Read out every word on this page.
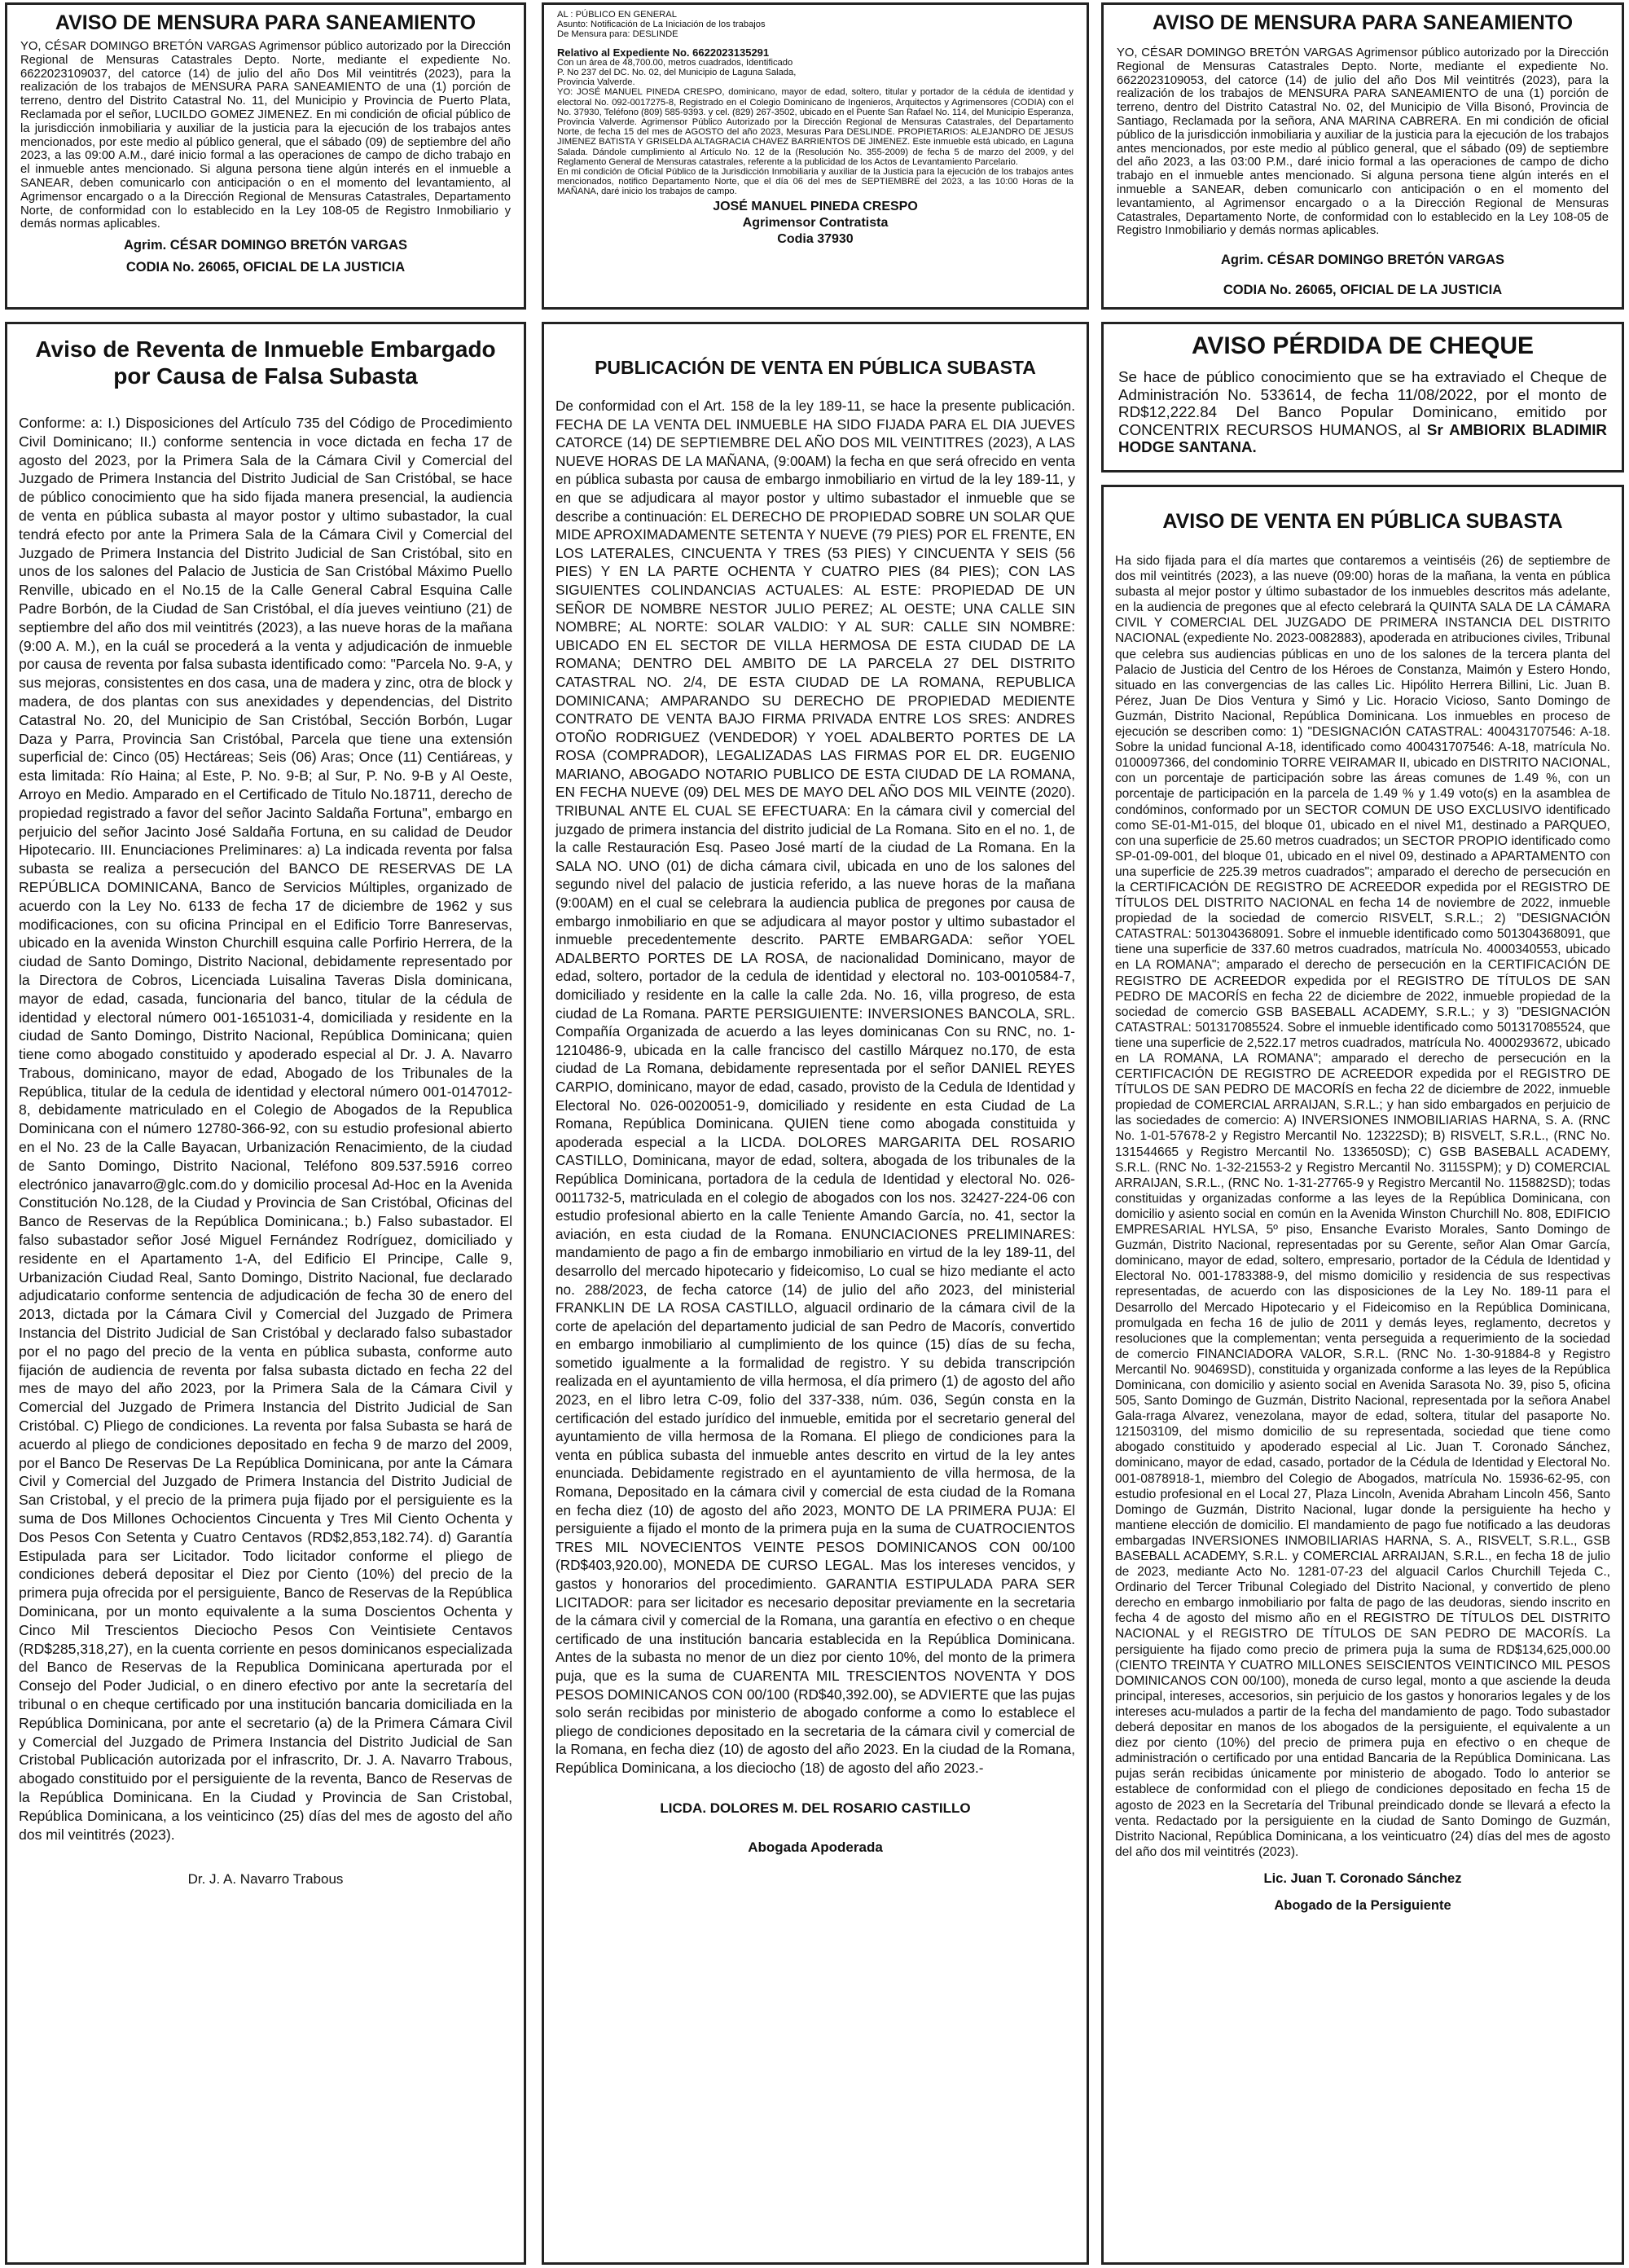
AVISO DE MENSURA PARA SANEAMIENTO

YO, CÉSAR DOMINGO BRETÓN VARGAS Agrimensor público autorizado por la Dirección Regional de Mensuras Catastrales Depto. Norte, mediante el expediente No. 6622023109037, del catorce (14) de julio del año Dos Mil veintitrés (2023), para la realización de los trabajos de MENSURA PARA SANEAMIENTO de una (1) porción de terreno, dentro del Distrito Catastral No. 11, del Municipio y Provincia de Puerto Plata, Reclamada por el señor, LUCILDO GOMEZ JIMENEZ. En mi condición de oficial público de la jurisdicción inmobiliaria y auxiliar de la justicia para la ejecución de los trabajos antes mencionados, por este medio al público general, que el sábado (09) de septiembre del año 2023, a las 09:00 A.M., daré inicio formal a las operaciones de campo de dicho trabajo en el inmueble antes mencionado. Si alguna persona tiene algún interés en el inmueble a SANEAR, deben comunicarlo con anticipación o en el momento del levantamiento, al Agrimensor encargado o a la Dirección Regional de Mensuras Catastrales, Departamento Norte, de conformidad con lo establecido en la Ley 108-05 de Registro Inmobiliario y demás normas aplicables.

Agrim. CÉSAR DOMINGO BRETÓN VARGAS

CODIA No. 26065, OFICIAL DE LA JUSTICIA

AL : PÚBLICO EN GENERAL

Asunto: Notificación de La Iniciación de los trabajos

De Mensura para: DESLINDE

Relativo al Expediente No. 6622023135291

Con un área de 48,700.00, metros cuadrados, Identificado

P. No 237 del DC. No. 02, del Municipio de Laguna Salada,

Provincia Valverde.

YO: JOSÉ MANUEL PINEDA CRESPO, dominicano, mayor de edad, soltero, titular y portador de la cédula de identidad y electoral No. 092-0017275-8, Registrado en el Colegio Dominicano de Ingenieros, Arquitectos y Agrimensores (CODIA) con el No. 37930, Teléfono (809) 585-9393. y cel. (829) 267-3502, ubicado en el Puente San Rafael No. 114, del Municipio Esperanza, Provincia Valverde. Agrimensor Público Autorizado por la Dirección Regional de Mensuras Catastrales, del Departamento Norte, de fecha 15 del mes de AGOSTO del año 2023, Mesuras Para DESLINDE. PROPIETARIOS: ALEJANDRO DE JESUS JIMENEZ BATISTA Y GRISELDA ALTAGRACIA CHAVEZ BARRIENTOS DE JIMENEZ. Este inmueble está ubicado, en Laguna Salada. Dándole cumplimiento al Artículo No. 12 de la (Resolución No. 355-2009) de fecha 5 de marzo del 2009, y del Reglamento General de Mensuras catastrales, referente a la publicidad de los Actos de Levantamiento Parcelario.

En mi condición de Oficial Público de la Jurisdicción Inmobiliaria y auxiliar de la Justicia para la ejecución de los trabajos antes mencionados, notifico Departamento Norte, que el día 06 del mes de SEPTIEMBRE del 2023, a las 10:00 Horas de la MAÑANA, daré inicio los trabajos de campo.

JOSÉ MANUEL PINEDA CRESPO

Agrimensor Contratista

Codia 37930

AVISO DE MENSURA PARA SANEAMIENTO

YO, CÉSAR DOMINGO BRETÓN VARGAS Agrimensor público autorizado por la Dirección Regional de Mensuras Catastrales Depto. Norte, mediante el expediente No. 6622023109053, del catorce (14) de julio del año Dos Mil veintitrés (2023), para la realización de los trabajos de MENSURA PARA SANEAMIENTO de una (1) porción de terreno, dentro del Distrito Catastral No. 02, del Municipio de Villa Bisonó, Provincia de Santiago, Reclamada por la señora, ANA MARINA CABRERA. En mi condición de oficial público de la jurisdicción inmobiliaria y auxiliar de la justicia para la ejecución de los trabajos antes mencionados, por este medio al público general, que el sábado (09) de septiembre del año 2023, a las 03:00 P.M., daré inicio formal a las operaciones de campo de dicho trabajo en el inmueble antes mencionado. Si alguna persona tiene algún interés en el inmueble a SANEAR, deben comunicarlo con anticipación o en el momento del levantamiento, al Agrimensor encargado o a la Dirección Regional de Mensuras Catastrales, Departamento Norte, de conformidad con lo establecido en la Ley 108-05 de Registro Inmobiliario y demás normas aplicables.

Agrim. CÉSAR DOMINGO BRETÓN VARGAS

CODIA No. 26065, OFICIAL DE LA JUSTICIA

Aviso de Reventa de Inmueble Embargado por Causa de Falsa Subasta

Conforme: a: I.) Disposiciones del Artículo 735 del Código de Procedimiento Civil Dominicano; II.) conforme sentencia in voce dictada en fecha 17 de agosto del 2023, por la Primera Sala de la Cámara Civil y Comercial del Juzgado de Primera Instancia del Distrito Judicial de San Cristóbal, se hace de público conocimiento que ha sido fijada manera presencial, la audiencia de venta en pública subasta al mayor postor y ultimo subastador, la cual tendrá efecto por ante la Primera Sala de la Cámara Civil y Comercial del Juzgado de Primera Instancia del Distrito Judicial de San Cristóbal, sito en unos de los salones del Palacio de Justicia de San Cristóbal Máximo Puello Renville, ubicado en el No.15 de la Calle General Cabral Esquina Calle Padre Borbón, de la Ciudad de San Cristóbal, el día jueves veintiuno (21) de septiembre del año dos mil veintitrés (2023), a las nueve horas de la mañana (9:00 A. M.), en la cuál se procederá a la venta y adjudicación de inmueble por causa de reventa por falsa subasta identificado como: "Parcela No. 9-A, y sus mejoras, consistentes en dos casa, una de madera y zinc, otra de block y madera, de dos plantas con sus anexidades y dependencias, del Distrito Catastral No. 20, del Municipio de San Cristóbal, Sección Borbón, Lugar Daza y Parra, Provincia San Cristóbal, Parcela que tiene una extensión superficial de: Cinco (05) Hectáreas; Seis (06) Aras; Once (11) Centiáreas, y esta limitada: Río Haina; al Este, P. No. 9-B; al Sur, P. No. 9-B y Al Oeste, Arroyo en Medio. Amparado en el Certificado de Titulo No.18711, derecho de propiedad registrado a favor del señor Jacinto Saldaña Fortuna", embargo en perjuicio del señor Jacinto José Saldaña Fortuna, en su calidad de Deudor Hipotecario. III. Enunciaciones Preliminares: a) La indicada reventa por falsa subasta se realiza a persecución del BANCO DE RESERVAS DE LA REPÚBLICA DOMINICANA, Banco de Servicios Múltiples, organizado de acuerdo con la Ley No. 6133 de fecha 17 de diciembre de 1962 y sus modificaciones, con su oficina Principal en el Edificio Torre Banreservas, ubicado en la avenida Winston Churchill esquina calle Porfirio Herrera, de la ciudad de Santo Domingo, Distrito Nacional, debidamente representado por la Directora de Cobros, Licenciada Luisalina Taveras Disla dominicana, mayor de edad, casada, funcionaria del banco, titular de la cédula de identidad y electoral número 001-1651031-4, domiciliada y residente en la ciudad de Santo Domingo, Distrito Nacional, República Dominicana; quien tiene como abogado constituido y apoderado especial al Dr. J. A. Navarro Trabous, dominicano, mayor de edad, Abogado de los Tribunales de la República, titular de la cedula de identidad y electoral número 001-0147012-8, debidamente matriculado en el Colegio de Abogados de la Republica Dominicana con el número 12780-366-92, con su estudio profesional abierto en el No. 23 de la Calle Bayacan, Urbanización Renacimiento, de la ciudad de Santo Domingo, Distrito Nacional, Teléfono 809.537.5916 correo electrónico janavarro@glc.com.do y domicilio procesal Ad-Hoc en la Avenida Constitución No.128, de la Ciudad y Provincia de San Cristóbal, Oficinas del Banco de Reservas de la República Dominicana.; b.) Falso subastador. El falso subastador señor José Miguel Fernández Rodríguez, domiciliado y residente en el Apartamento 1-A, del Edificio El Principe, Calle 9, Urbanización Ciudad Real, Santo Domingo, Distrito Nacional, fue declarado adjudicatario conforme sentencia de adjudicación de fecha 30 de enero del 2013, dictada por la Cámara Civil y Comercial del Juzgado de Primera Instancia del Distrito Judicial de San Cristóbal y declarado falso subastador por el no pago del precio de la venta en pública subasta, conforme auto fijación de audiencia de reventa por falsa subasta dictado en fecha 22 del mes de mayo del año 2023, por la Primera Sala de la Cámara Civil y Comercial del Juzgado de Primera Instancia del Distrito Judicial de San Cristóbal. C) Pliego de condiciones. La reventa por falsa Subasta se hará de acuerdo al pliego de condiciones depositado en fecha 9 de marzo del 2009, por el Banco De Reservas De La República Dominicana, por ante la Cámara Civil y Comercial del Juzgado de Primera Instancia del Distrito Judicial de San Cristobal, y el precio de la primera puja fijado por el persiguiente es la suma de Dos Millones Ochocientos Cincuenta y Tres Mil Ciento Ochenta y Dos Pesos Con Setenta y Cuatro Centavos (RD$2,853,182.74). d) Garantía Estipulada para ser Licitador. Todo licitador conforme el pliego de condiciones deberá depositar el Diez por Ciento (10%) del precio de la primera puja ofrecida por el persiguiente, Banco de Reservas de la República Dominicana, por un monto equivalente a la suma Doscientos Ochenta y Cinco Mil Trescientos Dieciocho Pesos Con Veintisiete Centavos (RD$285,318,27), en la cuenta corriente en pesos dominicanos especializada del Banco de Reservas de la Republica Dominicana aperturada por el Consejo del Poder Judicial, o en dinero efectivo por ante la secretaría del tribunal o en cheque certificado por una institución bancaria domiciliada en la República Dominicana, por ante el secretario (a) de la Primera Cámara Civil y Comercial del Juzgado de Primera Instancia del Distrito Judicial de San Cristobal Publicación autorizada por el infrascrito, Dr. J. A. Navarro Trabous, abogado constituido por el persiguiente de la reventa, Banco de Reservas de la República Dominicana. En la Ciudad y Provincia de San Cristobal, República Dominicana, a los veinticinco (25) días del mes de agosto del año dos mil veintitrés (2023).

Dr. J. A. Navarro Trabous

PUBLICACIÓN DE VENTA EN PÚBLICA SUBASTA

De conformidad con el Art. 158 de la ley 189-11, se hace la presente publicación. FECHA DE LA VENTA DEL INMUEBLE HA SIDO FIJADA PARA EL DIA JUEVES CATORCE (14) DE SEPTIEMBRE DEL AÑO DOS MIL VEINTITRES (2023), A LAS NUEVE HORAS DE LA MAÑANA, (9:00AM) la fecha en que será ofrecido en venta en pública subasta por causa de embargo inmobiliario en virtud de la ley 189-11, y en que se adjudicara al mayor postor y ultimo subastador el inmueble que se describe a continuación: EL DERECHO DE PROPIEDAD SOBRE UN SOLAR QUE MIDE APROXIMADAMENTE SETENTA Y NUEVE (79 PIES) POR EL FRENTE, EN LOS LATERALES, CINCUENTA Y TRES (53 PIES) Y CINCUENTA Y SEIS (56 PIES) Y EN LA PARTE OCHENTA Y CUATRO PIES (84 PIES); CON LAS SIGUIENTES COLINDANCIAS ACTUALES: AL ESTE: PROPIEDAD DE UN SEÑOR DE NOMBRE NESTOR JULIO PEREZ; AL OESTE; UNA CALLE SIN NOMBRE; AL NORTE: SOLAR VALDIO: Y AL SUR: CALLE SIN NOMBRE: UBICADO EN EL SECTOR DE VILLA HERMOSA DE ESTA CIUDAD DE LA ROMANA; DENTRO DEL AMBITO DE LA PARCELA 27 DEL DISTRITO CATASTRAL NO. 2/4, DE ESTA CIUDAD DE LA ROMANA, REPUBLICA DOMINICANA; AMPARANDO SU DERECHO DE PROPIEDAD MEDIENTE CONTRATO DE VENTA BAJO FIRMA PRIVADA ENTRE LOS SRES: ANDRES OTOÑO RODRIGUEZ (VENDEDOR) Y YOEL ADALBERTO PORTES DE LA ROSA (COMPRADOR), LEGALIZADAS LAS FIRMAS POR EL DR. EUGENIO MARIANO, ABOGADO NOTARIO PUBLICO DE ESTA CIUDAD DE LA ROMANA, EN FECHA NUEVE (09) DEL MES DE MAYO DEL AÑO DOS MIL VEINTE (2020). TRIBUNAL ANTE EL CUAL SE EFECTUARA: En la cámara civil y comercial del juzgado de primera instancia del distrito judicial de La Romana. Sito en el no. 1, de la calle Restauración Esq. Paseo José martí de la ciudad de La Romana. En la SALA NO. UNO (01) de dicha cámara civil, ubicada en uno de los salones del segundo nivel del palacio de justicia referido, a las nueve horas de la mañana (9:00AM) en el cual se celebrara la audiencia publica de pregones por causa de embargo inmobiliario en que se adjudicara al mayor postor y ultimo subastador el inmueble precedentemente descrito. PARTE EMBARGADA: señor YOEL ADALBERTO PORTES DE LA ROSA, de nacionalidad Dominicano, mayor de edad, soltero, portador de la cedula de identidad y electoral no. 103-0010584-7, domiciliado y residente en la calle la calle 2da. No. 16, villa progreso, de esta ciudad de La Romana. PARTE PERSIGUIENTE: INVERSIONES BANCOLA, SRL. Compañía Organizada de acuerdo a las leyes dominicanas Con su RNC, no. 1-1210486-9, ubicada en la calle francisco del castillo Márquez no.170, de esta ciudad de La Romana, debidamente representada por el señor DANIEL REYES CARPIO, dominicano, mayor de edad, casado, provisto de la Cedula de Identidad y Electoral No. 026-0020051-9, domiciliado y residente en esta Ciudad de La Romana, República Dominicana. QUIEN tiene como abogada constituida y apoderada especial a la LICDA. DOLORES MARGARITA DEL ROSARIO CASTILLO, Dominicana, mayor de edad, soltera, abogada de los tribunales de la República Dominicana, portadora de la cedula de Identidad y electoral No. 026-0011732-5, matriculada en el colegio de abogados con los nos. 32427-224-06 con estudio profesional abierto en la calle Teniente Amando García, no. 41, sector la aviación, en esta ciudad de la Romana. ENUNCIACIONES PRELIMINARES: mandamiento de pago a fin de embargo inmobiliario en virtud de la ley 189-11, del desarrollo del mercado hipotecario y fideicomiso, Lo cual se hizo mediante el acto no. 288/2023, de fecha catorce (14) de julio del año 2023, del ministerial FRANKLIN DE LA ROSA CASTILLO, alguacil ordinario de la cámara civil de la corte de apelación del departamento judicial de san Pedro de Macorís, convertido en embargo inmobiliario al cumplimiento de los quince (15) días de su fecha, sometido igualmente a la formalidad de registro. Y su debida transcripción realizada en el ayuntamiento de villa hermosa, el día primero (1) de agosto del año 2023, en el libro letra C-09, folio del 337-338, núm. 036, Según consta en la certificación del estado jurídico del inmueble, emitida por el secretario general del ayuntamiento de villa hermosa de la Romana. El pliego de condiciones para la venta en pública subasta del inmueble antes descrito en virtud de la ley antes enunciada. Debidamente registrado en el ayuntamiento de villa hermosa, de la Romana, Depositado en la cámara civil y comercial de esta ciudad de la Romana en fecha diez (10) de agosto del año 2023, MONTO DE LA PRIMERA PUJA: El persiguiente a fijado el monto de la primera puja en la suma de CUATROCIENTOS TRES MIL NOVECIENTOS VEINTE PESOS DOMINICANOS CON 00/100 (RD$403,920.00), MONEDA DE CURSO LEGAL. Mas los intereses vencidos, y gastos y honorarios del procedimiento. GARANTIA ESTIPULADA PARA SER LICITADOR: para ser licitador es necesario depositar previamente en la secretaria de la cámara civil y comercial de la Romana, una garantía en efectivo o en cheque certificado de una institución bancaria establecida en la República Dominicana. Antes de la subasta no menor de un diez por ciento 10%, del monto de la primera puja, que es la suma de CUARENTA MIL TRESCIENTOS NOVENTA Y DOS PESOS DOMINICANOS CON 00/100 (RD$40,392.00), se ADVIERTE que las pujas solo serán recibidas por ministerio de abogado conforme a como lo establece el pliego de condiciones depositado en la secretaria de la cámara civil y comercial de la Romana, en fecha diez (10) de agosto del año 2023. En la ciudad de la Romana, República Dominicana, a los dieciocho (18) de agosto del año 2023.-

LICDA. DOLORES M. DEL ROSARIO CASTILLO

Abogada Apoderada

AVISO PÉRDIDA DE CHEQUE

Se hace de público conocimiento que se ha extraviado el Cheque de Administración No. 533614, de fecha 11/08/2022, por el monto de RD$12,222.84 Del Banco Popular Dominicano, emitido por CONCENTRIX RECURSOS HUMANOS, al Sr AMBIORIX BLADIMIR HODGE SANTANA.

AVISO DE VENTA EN PÚBLICA SUBASTA

Ha sido fijada para el día martes que contaremos a veintiséis (26) de septiembre de dos mil veintitrés (2023), a las nueve (09:00) horas de la mañana, la venta en pública subasta al mejor postor y último subastador de los inmuebles descritos más adelante, en la audiencia de pregones que al efecto celebrará la QUINTA SALA DE LA CÁMARA CIVIL Y COMERCIAL DEL JUZGADO DE PRIMERA INSTANCIA DEL DISTRITO NACIONAL (expediente No. 2023-0082883), apoderada en atribuciones civiles, Tribunal que celebra sus audiencias públicas en uno de los salones de la tercera planta del Palacio de Justicia del Centro de los Héroes de Constanza, Maimón y Estero Hondo, situado en las convergencias de las calles Lic. Hipólito Herrera Billini, Lic. Juan B. Pérez, Juan De Dios Ventura y Simó y Lic. Horacio Vicioso, Santo Domingo de Guzmán, Distrito Nacional, República Dominicana. Los inmuebles en proceso de ejecución se describen como: 1) "DESIGNACIÓN CATASTRAL: 400431707546: A-18. Sobre la unidad funcional A-18, identificado como 400431707546: A-18, matrícula No. 0100097366, del condominio TORRE VEIRAMAR II, ubicado en DISTRITO NACIONAL, con un porcentaje de participación sobre las áreas comunes de 1.49 %, con un porcentaje de participación en la parcela de 1.49 % y 1.49 voto(s) en la asamblea de condóminos, conformado por un SECTOR COMUN DE USO EXCLUSIVO identificado como SE-01-M1-015, del bloque 01, ubicado en el nivel M1, destinado a PARQUEO, con una superficie de 25.60 metros cuadrados; un SECTOR PROPIO identificado como SP-01-09-001, del bloque 01, ubicado en el nivel 09, destinado a APARTAMENTO con una superficie de 225.39 metros cuadrados"; amparado el derecho de persecución en la CERTIFICACIÓN DE REGISTRO DE ACREEDOR expedida por el REGISTRO DE TÍTULOS DEL DISTRITO NACIONAL en fecha 14 de noviembre de 2022, inmueble propiedad de la sociedad de comercio RISVELT, S.R.L.; 2) "DESIGNACIÓN CATASTRAL: 501304368091. Sobre el inmueble identificado como 501304368091, que tiene una superficie de 337.60 metros cuadrados, matrícula No. 4000340553, ubicado en LA ROMANA"; amparado el derecho de persecución en la CERTIFICACIÓN DE REGISTRO DE ACREEDOR expedida por el REGISTRO DE TÍTULOS DE SAN PEDRO DE MACORÍS en fecha 22 de diciembre de 2022, inmueble propiedad de la sociedad de comercio GSB BASEBALL ACADEMY, S.R.L.; y 3) "DESIGNACIÓN CATASTRAL: 501317085524. Sobre el inmueble identificado como 501317085524, que tiene una superficie de 2,522.17 metros cuadrados, matrícula No. 4000293672, ubicado en LA ROMANA, LA ROMANA"; amparado el derecho de persecución en la CERTIFICACIÓN DE REGISTRO DE ACREEDOR expedida por el REGISTRO DE TÍTULOS DE SAN PEDRO DE MACORÍS en fecha 22 de diciembre de 2022, inmueble propiedad de COMERCIAL ARRAIJAN, S.R.L.; y han sido embargados en perjuicio de las sociedades de comercio: A) INVERSIONES INMOBILIARIAS HARNA, S. A. (RNC No. 1-01-57678-2 y Registro Mercantil No. 12322SD); B) RISVELT, S.R.L., (RNC No. 131544665 y Registro Mercantil No. 133650SD); C) GSB BASEBALL ACADEMY, S.R.L. (RNC No. 1-32-21553-2 y Registro Mercantil No. 3115SPM); y D) COMERCIAL ARRAIJAN, S.R.L., (RNC No. 1-31-27765-9 y Registro Mercantil No. 115882SD); todas constituidas y organizadas conforme a las leyes de la República Dominicana, con domicilio y asiento social en común en la Avenida Winston Churchill No. 808, EDIFICIO EMPRESARIAL HYLSA, 5º piso, Ensanche Evaristo Morales, Santo Domingo de Guzmán, Distrito Nacional, representadas por su Gerente, señor Alan Omar García, dominicano, mayor de edad, soltero, empresario, portador de la Cédula de Identidad y Electoral No. 001-1783388-9, del mismo domicilio y residencia de sus respectivas representadas, de acuerdo con las disposiciones de la Ley No. 189-11 para el Desarrollo del Mercado Hipotecario y el Fideicomiso en la República Dominicana, promulgada en fecha 16 de julio de 2011 y demás leyes, reglamento, decretos y resoluciones que la complementan; venta perseguida a requerimiento de la sociedad de comercio FINANCIADORA VALOR, S.R.L. (RNC No. 1-30-91884-8 y Registro Mercantil No. 90469SD), constituida y organizada conforme a las leyes de la República Dominicana, con domicilio y asiento social en Avenida Sarasota No. 39, piso 5, oficina 505, Santo Domingo de Guzmán, Distrito Nacional, representada por la señora Anabel Gala-rraga Alvarez, venezolana, mayor de edad, soltera, titular del pasaporte No. 121503109, del mismo domicilio de su representada, sociedad que tiene como abogado constituido y apoderado especial al Lic. Juan T. Coronado Sánchez, dominicano, mayor de edad, casado, portador de la Cédula de Identidad y Electoral No. 001-0878918-1, miembro del Colegio de Abogados, matrícula No. 15936-62-95, con estudio profesional en el Local 27, Plaza Lincoln, Avenida Abraham Lincoln 456, Santo Domingo de Guzmán, Distrito Nacional, lugar donde la persiguiente ha hecho y mantiene elección de domicilio. El mandamiento de pago fue notificado a las deudoras embargadas INVERSIONES INMOBILIARIAS HARNA, S. A., RISVELT, S.R.L., GSB BASEBALL ACADEMY, S.R.L. y COMERCIAL ARRAIJAN, S.R.L., en fecha 18 de julio de 2023, mediante Acto No. 1281-07-23 del alguacil Carlos Churchill Tejeda C., Ordinario del Tercer Tribunal Colegiado del Distrito Nacional, y convertido de pleno derecho en embargo inmobiliario por falta de pago de las deudoras, siendo inscrito en fecha 4 de agosto del mismo año en el REGISTRO DE TÍTULOS DEL DISTRITO NACIONAL y el REGISTRO DE TÍTULOS DE SAN PEDRO DE MACORÍS. La persiguiente ha fijado como precio de primera puja la suma de RD$134,625,000.00 (CIENTO TREINTA Y CUATRO MILLONES SEISCIENTOS VEINTICINCO MIL PESOS DOMINICANOS CON 00/100), moneda de curso legal, monto a que asciende la deuda principal, intereses, accesorios, sin perjuicio de los gastos y honorarios legales y de los intereses acu-mulados a partir de la fecha del mandamiento de pago. Todo subastador deberá depositar en manos de los abogados de la persiguiente, el equivalente a un diez por ciento (10%) del precio de primera puja en efectivo o en cheque de administración o certificado por una entidad Bancaria de la República Dominicana. Las pujas serán recibidas únicamente por ministerio de abogado. Todo lo anterior se establece de conformidad con el pliego de condiciones depositado en fecha 15 de agosto de 2023 en la Secretaría del Tribunal preindicado donde se llevará a efecto la venta. Redactado por la persiguiente en la ciudad de Santo Domingo de Guzmán, Distrito Nacional, República Dominicana, a los veinticuatro (24) días del mes de agosto del año dos mil veintitrés (2023).

Lic. Juan T. Coronado Sánchez

Abogado de la Persiguiente
